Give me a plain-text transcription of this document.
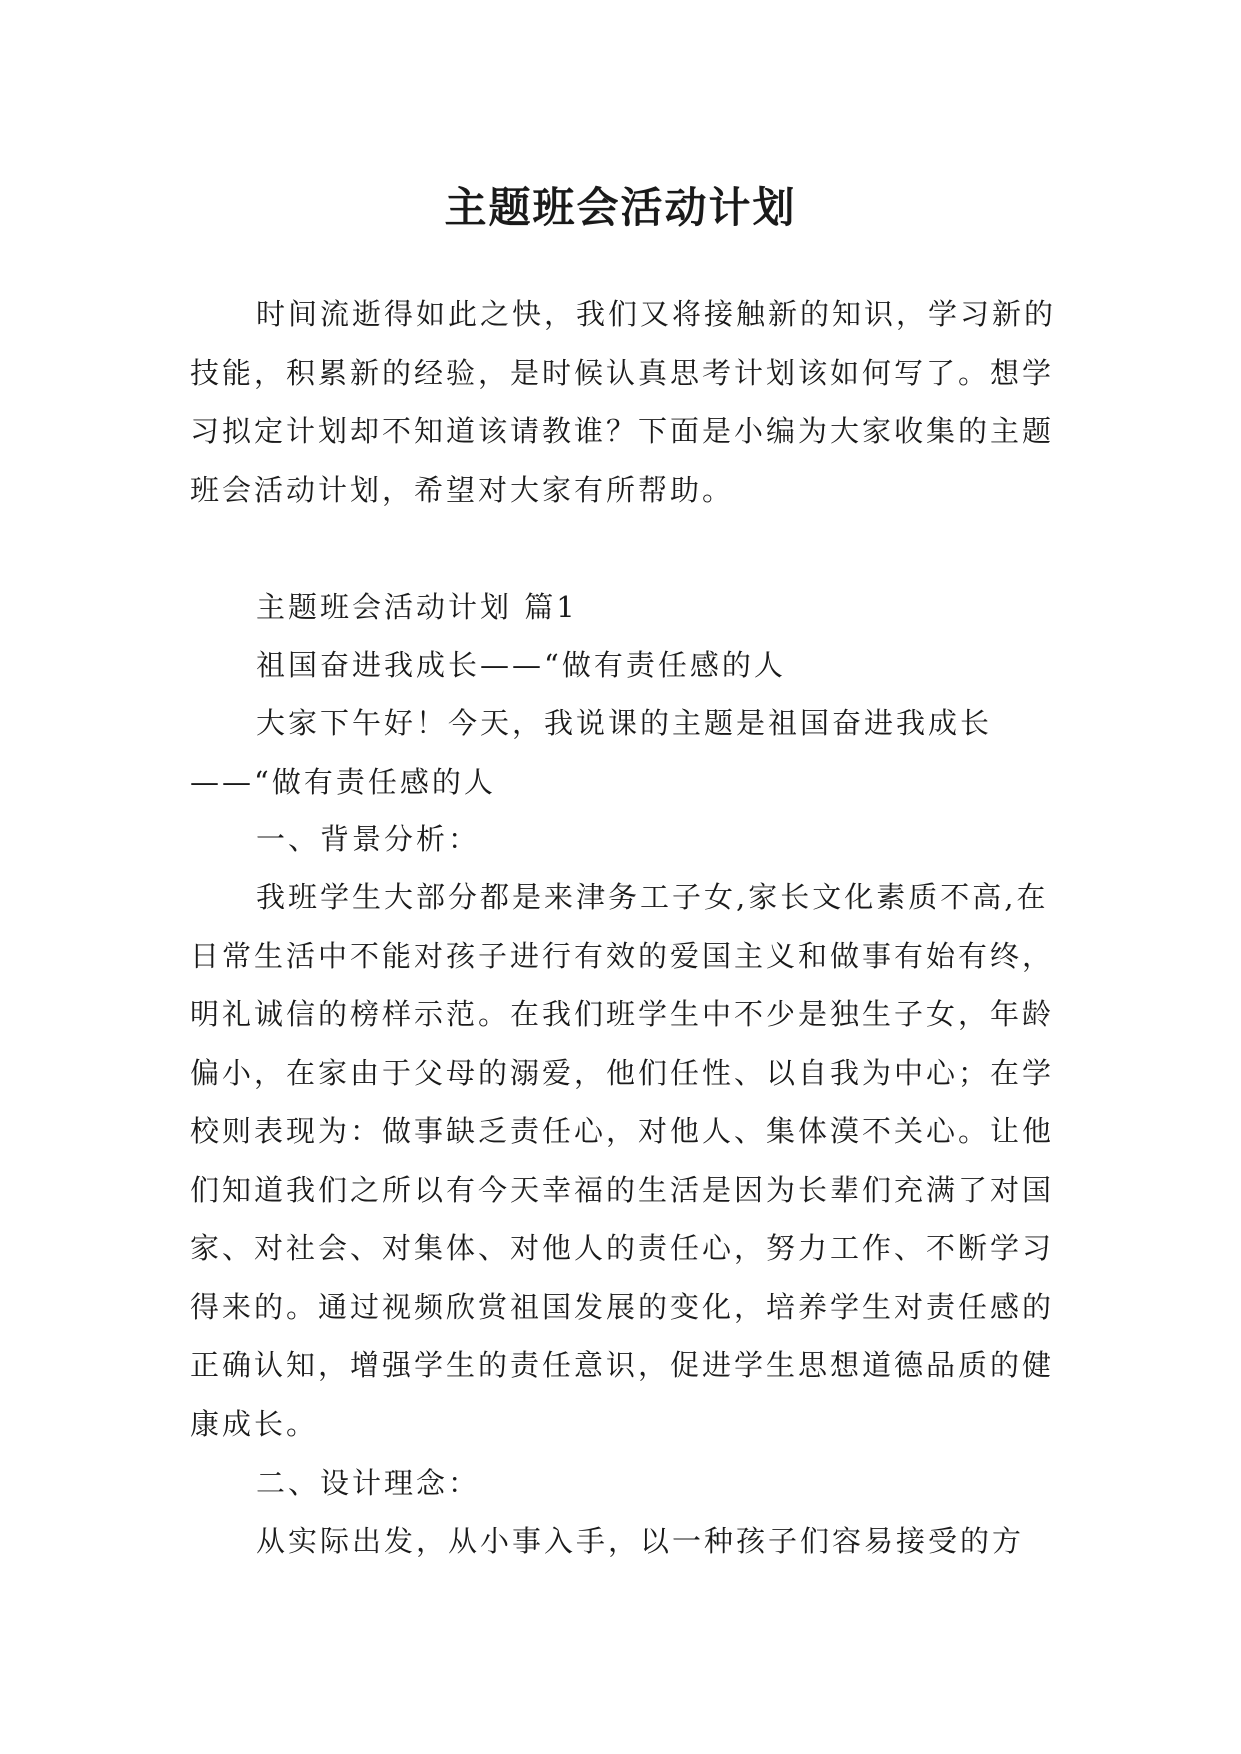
主题班会活动计划

时间流逝得如此之快，我们又将接触新的知识，学习新的技能，积累新的经验，是时候认真思考计划该如何写了。想学习拟定计划却不知道该请教谁？下面是小编为大家收集的主题班会活动计划，希望对大家有所帮助。

主题班会活动计划 篇1

祖国奋进我成长——“做有责任感的人

大家下午好！今天，我说课的主题是祖国奋进我成长——“做有责任感的人

一、背景分析：

我班学生大部分都是来津务工子女,家长文化素质不高,在日常生活中不能对孩子进行有效的爱国主义和做事有始有终，明礼诚信的榜样示范。在我们班学生中不少是独生子女，年龄偏小，在家由于父母的溺爱，他们任性、以自我为中心；在学校则表现为：做事缺乏责任心，对他人、集体漠不关心。让他们知道我们之所以有今天幸福的生活是因为长辈们充满了对国家、对社会、对集体、对他人的责任心，努力工作、不断学习得来的。通过视频欣赏祖国发展的变化，培养学生对责任感的正确认知，增强学生的责任意识，促进学生思想道德品质的健康成长。

二、设计理念：

从实际出发，从小事入手，以一种孩子们容易接受的方
